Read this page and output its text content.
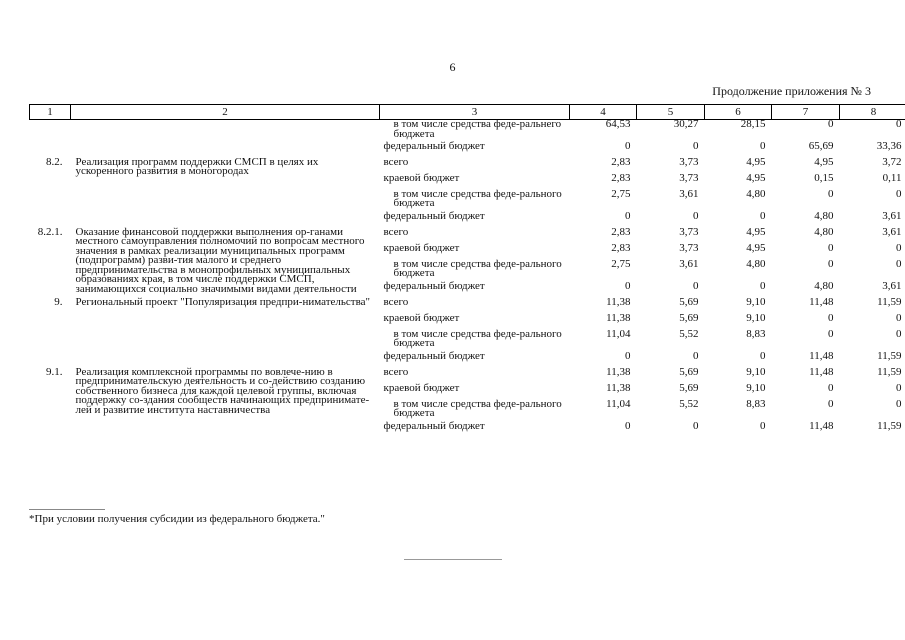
6
Продолжение приложения № 3
1	2	3	4	5	6	7	8
		в том числе средства феде-ральнего бюджета	64,53	30,27	28,15	0	0
		федеральный бюджет	0	0	0	65,69	33,36
8.2.	Реализация программ поддержки СМСП в целях их ускоренного развития в моногородах	всего	2,83	3,73	4,95	4,95	3,72
		краевой бюджет	2,83	3,73	4,95	0,15	0,11
		в том числе средства феде-рального бюджета	2,75	3,61	4,80	0	0
		федеральный бюджет	0	0	0	4,80	3,61
8.2.1.	Оказание финансовой поддержки выполнения ор-ганами местного самоуправления полномочий по вопросам местного значения в рамках реализации муниципальных программ (подпрограмм) разви-тия малого и среднего предпринимательства в монопрофильных муниципальных образованиях края, в том числе поддержки СМСП, занимающихся социально значимыми видами деятельности	всего	2,83	3,73	4,95	4,80	3,61
		краевой бюджет	2,83	3,73	4,95	0	0
		в том числе средства феде-рального бюджета	2,75	3,61	4,80	0	0
		федеральный бюджет	0	0	0	4,80	3,61
9.	Региональный проект "Популяризация предпри-нимательства"	всего	11,38	5,69	9,10	11,48	11,59
		краевой бюджет	11,38	5,69	9,10	0	0
		в том числе средства феде-рального бюджета	11,04	5,52	8,83	0	0
		федеральный бюджет	0	0	0	11,48	11,59
9.1.	Реализация комплексной программы по вовлече-нию в предпринимательскую деятельность и со-действию созданию собственного бизнеса для каждой целевой группы, включая поддержку со-здания сообществ начинающих предпринимате-лей и развитие института наставничества	всего	11,38	5,69	9,10	11,48	11,59
		краевой бюджет	11,38	5,69	9,10	0	0
		в том числе средства феде-рального бюджета	11,04	5,52	8,83	0	0
		федеральный бюджет	0	0	0	11,48	11,59
*При условии получения субсидии из федерального бюджета."
